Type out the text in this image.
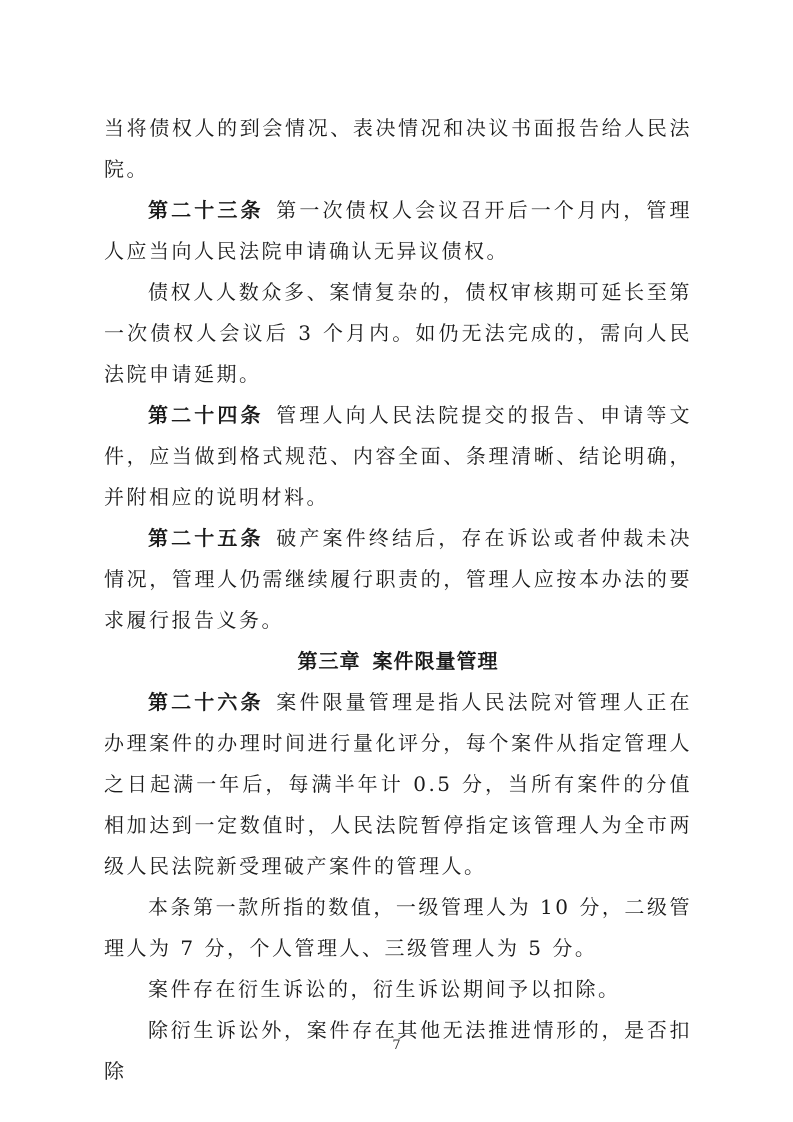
当将债权人的到会情况、表决情况和决议书面报告给人民法院。

第二十三条 第一次债权人会议召开后一个月内，管理人应当向人民法院申请确认无异议债权。

债权人人数众多、案情复杂的，债权审核期可延长至第一次债权人会议后 3 个月内。如仍无法完成的，需向人民法院申请延期。

第二十四条 管理人向人民法院提交的报告、申请等文件，应当做到格式规范、内容全面、条理清晰、结论明确，并附相应的说明材料。

第二十五条 破产案件终结后，存在诉讼或者仲裁未决情况，管理人仍需继续履行职责的，管理人应按本办法的要求履行报告义务。

第三章 案件限量管理

第二十六条 案件限量管理是指人民法院对管理人正在办理案件的办理时间进行量化评分，每个案件从指定管理人之日起满一年后，每满半年计 0.5 分，当所有案件的分值相加达到一定数值时，人民法院暂停指定该管理人为全市两级人民法院新受理破产案件的管理人。

本条第一款所指的数值，一级管理人为 10 分，二级管理人为 7 分，个人管理人、三级管理人为 5 分。

案件存在衍生诉讼的，衍生诉讼期间予以扣除。

除衍生诉讼外，案件存在其他无法推进情形的，是否扣除

7
